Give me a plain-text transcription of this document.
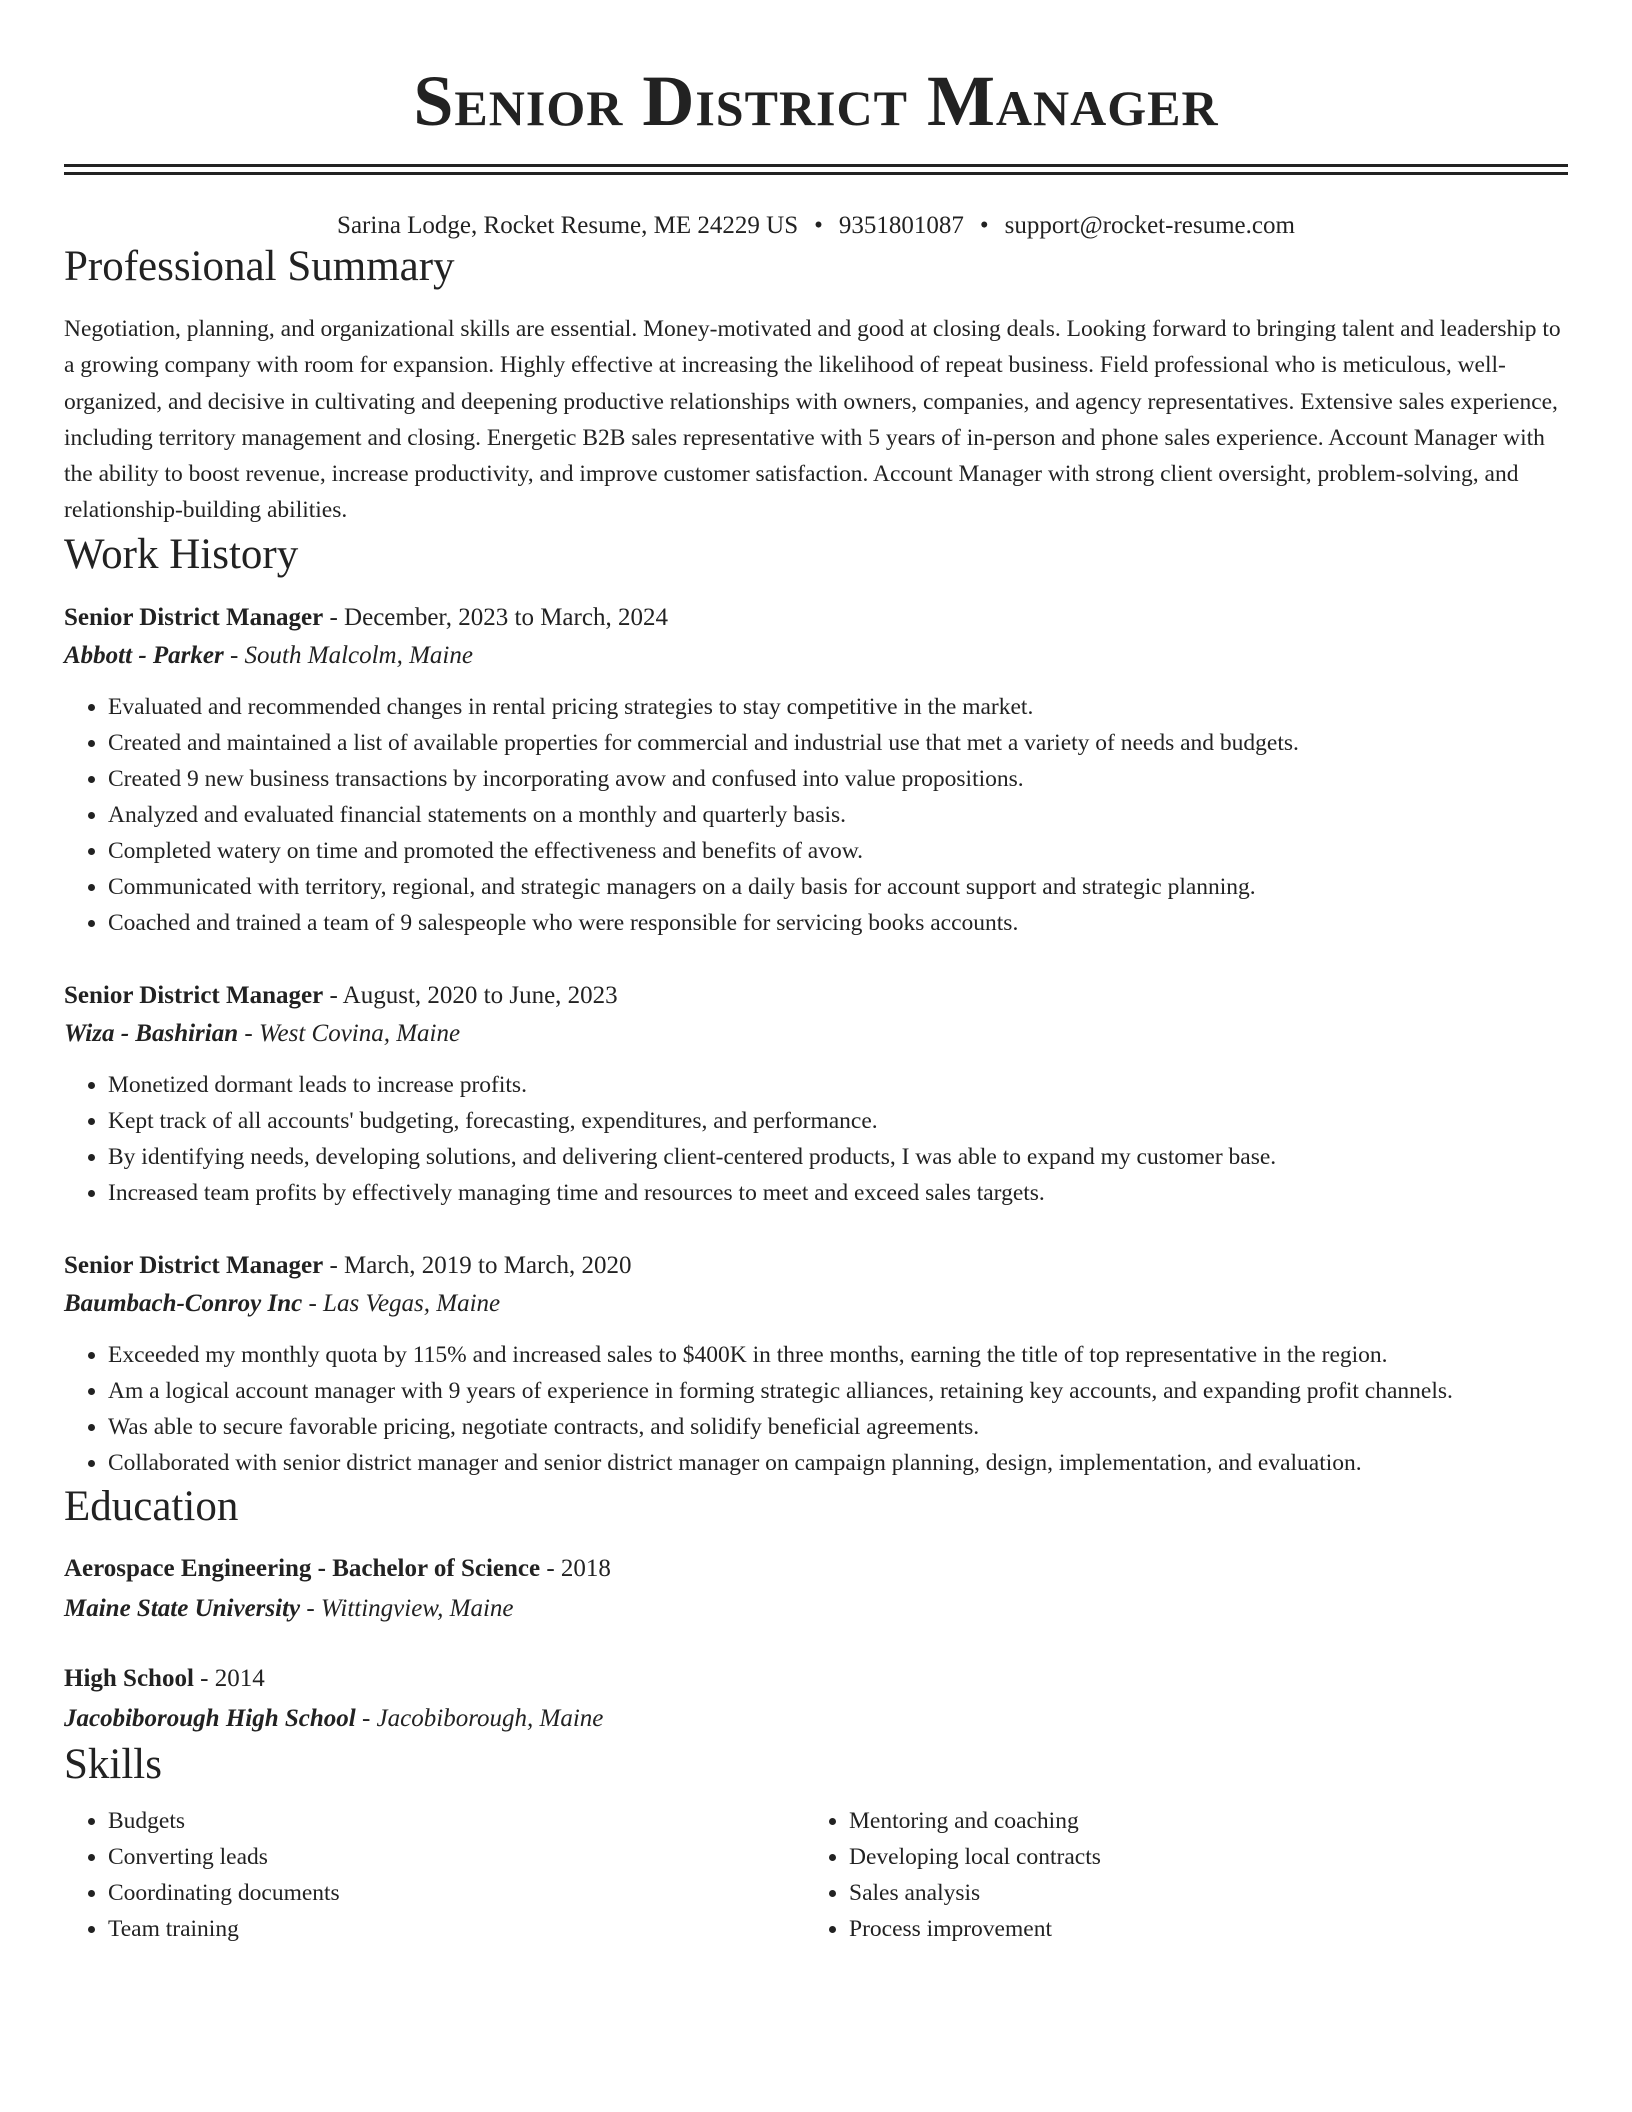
Senior District Manager
Sarina Lodge, Rocket Resume, ME 24229 US • 9351801087 • support@rocket-resume.com
Professional Summary

Negotiation, planning, and organizational skills are essential. Money-motivated and good at closing deals. Looking forward to bringing talent and leadership to a growing company with room for expansion. Highly effective at increasing the likelihood of repeat business. Field professional who is meticulous, well-organized, and decisive in cultivating and deepening productive relationships with owners, companies, and agency representatives. Extensive sales experience, including territory management and closing. Energetic B2B sales representative with 5 years of in-person and phone sales experience. Account Manager with the ability to boost revenue, increase productivity, and improve customer satisfaction. Account Manager with strong client oversight, problem-solving, and relationship-building abilities.

Work History
Senior District Manager - December, 2023 to March, 2024
Abbott - Parker - South Malcolm, Maine
• Evaluated and recommended changes in rental pricing strategies to stay competitive in the market.
• Created and maintained a list of available properties for commercial and industrial use that met a variety of needs and budgets.
• Created 9 new business transactions by incorporating avow and confused into value propositions.
• Analyzed and evaluated financial statements on a monthly and quarterly basis.
• Completed watery on time and promoted the effectiveness and benefits of avow.
• Communicated with territory, regional, and strategic managers on a daily basis for account support and strategic planning.
• Coached and trained a team of 9 salespeople who were responsible for servicing books accounts.
Senior District Manager - August, 2020 to June, 2023
Wiza - Bashirian - West Covina, Maine
• Monetized dormant leads to increase profits.
• Kept track of all accounts' budgeting, forecasting, expenditures, and performance.
• By identifying needs, developing solutions, and delivering client-centered products, I was able to expand my customer base.
• Increased team profits by effectively managing time and resources to meet and exceed sales targets.
Senior District Manager - March, 2019 to March, 2020
Baumbach-Conroy Inc - Las Vegas, Maine
• Exceeded my monthly quota by 115% and increased sales to $400K in three months, earning the title of top representative in the region.
• Am a logical account manager with 9 years of experience in forming strategic alliances, retaining key accounts, and expanding profit channels.
• Was able to secure favorable pricing, negotiate contracts, and solidify beneficial agreements.
• Collaborated with senior district manager and senior district manager on campaign planning, design, implementation, and evaluation.
Education
Aerospace Engineering - Bachelor of Science - 2018
Maine State University - Wittingview, Maine
High School - 2014
Jacobiborough High School - Jacobiborough, Maine
Skills
• Budgets
• Converting leads
• Coordinating documents
• Team training
• Mentoring and coaching
• Developing local contracts
• Sales analysis
• Process improvement
